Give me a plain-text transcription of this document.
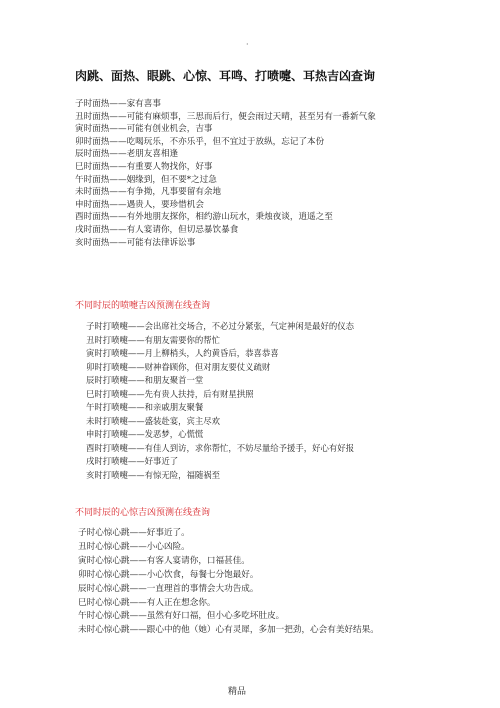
·
肉跳、面热、眼跳、心惊、耳鸣、打喷嚏、耳热吉凶查询
子时面热——家有喜事
丑时面热——可能有麻烦事，三思而后行，便会雨过天晴，甚至另有一番新气象
寅时面热——可能有创业机会，吉事
卯时面热——吃喝玩乐，不亦乐乎，但不宜过于放纵，忘记了本份
辰时面热——老朋友喜相逢
巳时面热——有重要人物找你，好事
午时面热——姻缘到，但不要*之过急
未时面热——有争拗，凡事要留有余地
申时面热——遇贵人，要珍惜机会
酉时面热——有外地朋友探你，相约游山玩水，秉烛夜谈，逍遥之至
戌时面热——有人宴请你，但切忌暴饮暴食
亥时面热——可能有法律诉讼事
不同时辰的喷嚏吉凶预测在线查询
子时打喷嚏——会出席社交场合，不必过分紧张，气定神闲是最好的仪态
丑时打喷嚏——有朋友需要你的帮忙
寅时打喷嚏——月上柳梢头，人约黄昏后，恭喜恭喜
卯时打喷嚏——财神眷顾你，但对朋友要仗义疏财
辰时打喷嚏——和朋友聚首一堂
巳时打喷嚏——先有贵人扶持，后有财星拱照
午时打喷嚏——和亲戚朋友聚餐
未时打喷嚏——盛装赴宴，宾主尽欢
申时打喷嚏——发恶梦，心慌慌
酉时打喷嚏——有佳人到访，求你帮忙，不妨尽量给予援手，好心有好报
戌时打喷嚏——好事近了
亥时打喷嚏——有惊无险，福随祸至
不同时辰的心惊吉凶预测在线查询
子时心惊心跳——好事近了。
丑时心惊心跳——小心凶险。
寅时心惊心跳——有客人宴请你，口福甚佳。
卯时心惊心跳——小心饮食，每餐七分饱最好。
辰时心惊心跳——一直理首的事情会大功告成。
巳时心惊心跳——有人正在想念你。
午时心惊心跳——虽然有好口福，但小心多吃坏肚皮。
未时心惊心跳——跟心中的他（她）心有灵犀，多加一把劲，心会有美好结果。
精品
